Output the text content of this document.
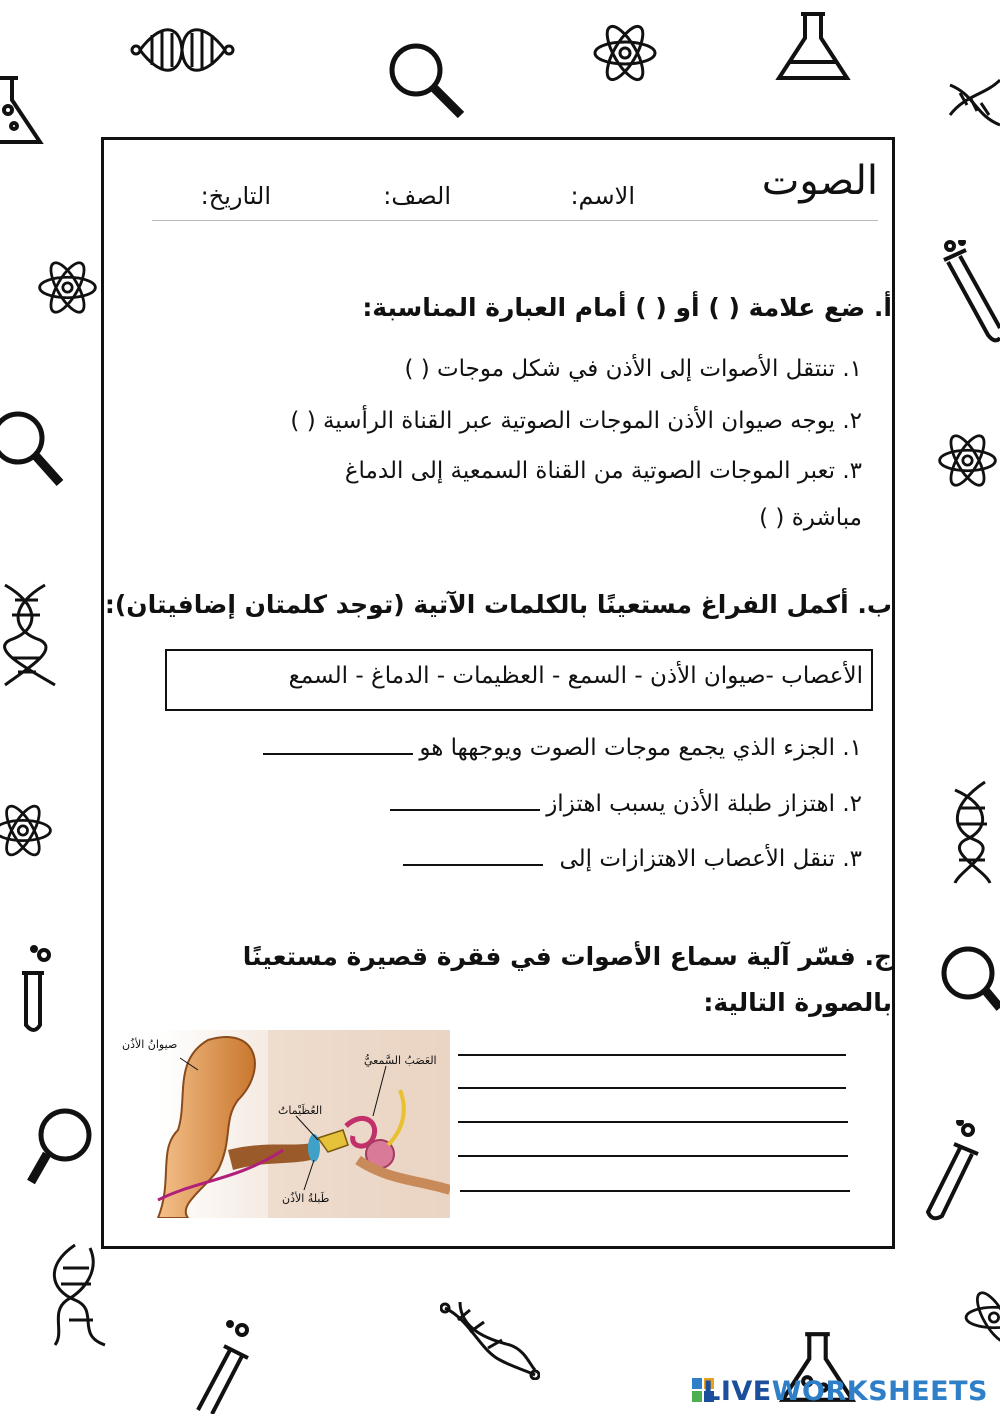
الصوت
الاسم:
الصف:
التاريخ:
أ. ضع علامة ( ) أو ( ) أمام العبارة المناسبة:
١. تنتقل الأصوات إلى الأذن في شكل موجات ( )
٢. يوجه صيوان الأذن الموجات الصوتية عبر القناة الرأسية ( )
٣. تعبر الموجات الصوتية من القناة السمعية إلى الدماغ
مباشرة ( )
ب. أكمل الفراغ مستعينًا بالكلمات الآتية (توجد كلمتان إضافيتان):
الأعصاب -صيوان الأذن - السمع - العظيمات - الدماغ - السمع
١. الجزء الذي يجمع موجات الصوت ويوجهها هو
٢. اهتزاز طبلة الأذن يسبب اهتزاز
٣. تنقل الأعصاب الاهتزازات إلى
ج. فسّر آلية سماع الأصوات في فقرة قصيرة مستعينًا
بالصورة التالية:
صيوانُ الأذُن
العُظَيْماتُ
العَصَبُ السَّمعيُّ
طَبلةُ الأذُن
LIVEWORKSHEETS
